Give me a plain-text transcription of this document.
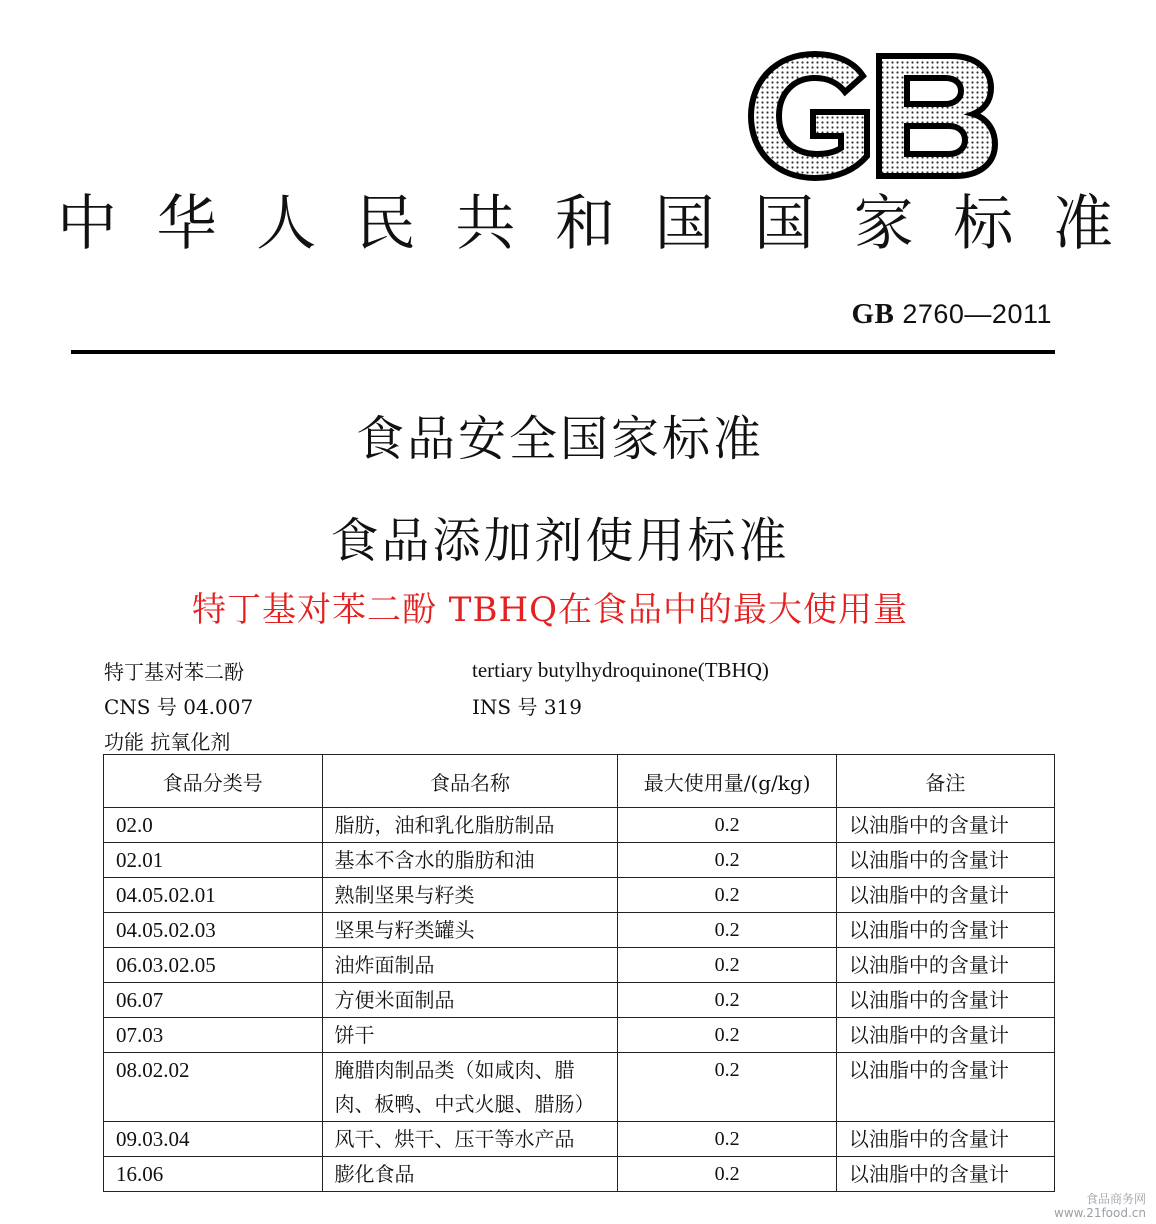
中 华 人 民 共 和 国 国 家 标 准
GB 2760—2011
食品安全国家标准
食品添加剂使用标准
特丁基对苯二酚 TBHQ在食品中的最大使用量
特丁基对苯二酚	tertiary butylhydroquinone(TBHQ)
CNS 号 04.007	INS 号 319
功能 抗氧化剂
食品分类号	食品名称	最大使用量/(g/kg)	备注
02.0	脂肪，油和乳化脂肪制品	0.2	以油脂中的含量计
02.01	基本不含水的脂肪和油	0.2	以油脂中的含量计
04.05.02.01	熟制坚果与籽类	0.2	以油脂中的含量计
04.05.02.03	坚果与籽类罐头	0.2	以油脂中的含量计
06.03.02.05	油炸面制品	0.2	以油脂中的含量计
06.07	方便米面制品	0.2	以油脂中的含量计
07.03	饼干	0.2	以油脂中的含量计
08.02.02	腌腊肉制品类（如咸肉、腊肉、板鸭、中式火腿、腊肠）	0.2	以油脂中的含量计
09.03.04	风干、烘干、压干等水产品	0.2	以油脂中的含量计
16.06	膨化食品	0.2	以油脂中的含量计
食品商务网
www.21food.cn
